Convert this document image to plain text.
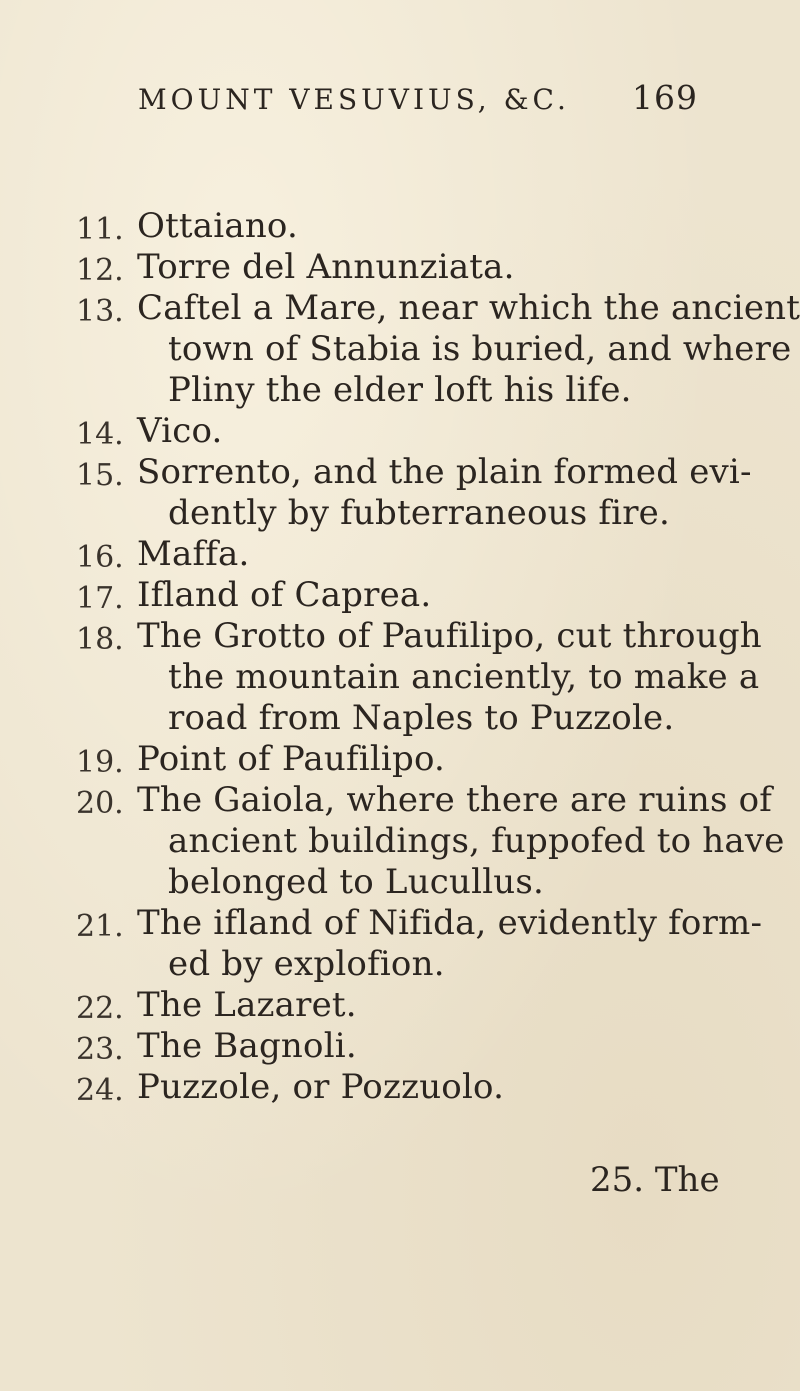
MOUNT VESUVIUS, &C. 169
11. Ottaiano.
12. Torre del Annunziata.
13. Caftel a Mare, near which the ancient
town of Stabia is buried, and where
Pliny the elder loft his life.
14. Vico.
15. Sorrento, and the plain formed evi-
dently by fubterraneous fire.
16. Maffa.
17. Ifland of Caprea.
18. The Grotto of Paufilipo, cut through
the mountain anciently, to make a
road from Naples to Puzzole.
19. Point of Paufilipo.
20. The Gaiola, where there are ruins of
ancient buildings, fuppofed to have
belonged to Lucullus.
21. The ifland of Nifida, evidently form-
ed by explofion.
22. The Lazaret.
23. The Bagnoli.
24. Puzzole, or Pozzuolo.
25. The
